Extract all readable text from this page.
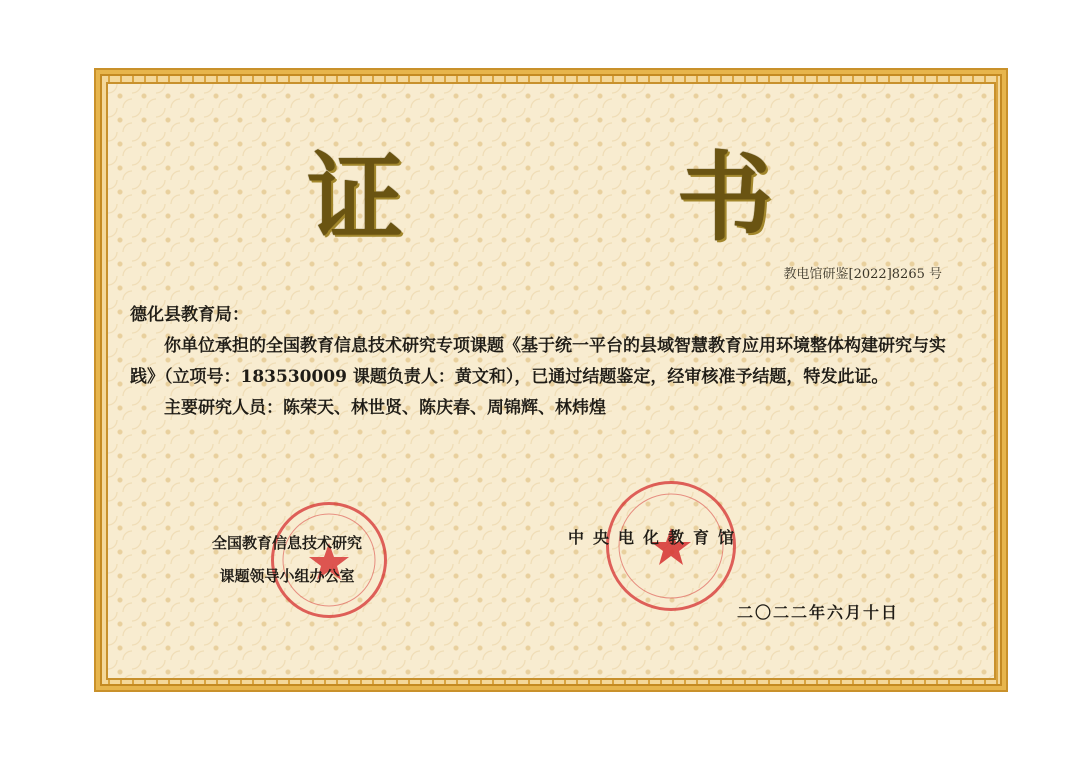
证 书
教电馆研鉴[2022]8265 号

德化县教育局：

你单位承担的全国教育信息技术研究专项课题《基于统一平台的县域智慧教育应用环境整体构建研究与实践》（立项号：183530009 课题负责人：黄文和），已通过结题鉴定，经审核准予结题，特发此证。

主要研究人员：陈荣天、林世贤、陈庆春、周锦辉、林炜煌

全国教育信息技术研究
课题领导小组办公室
中央电化教育馆
二〇二二年六月十日
